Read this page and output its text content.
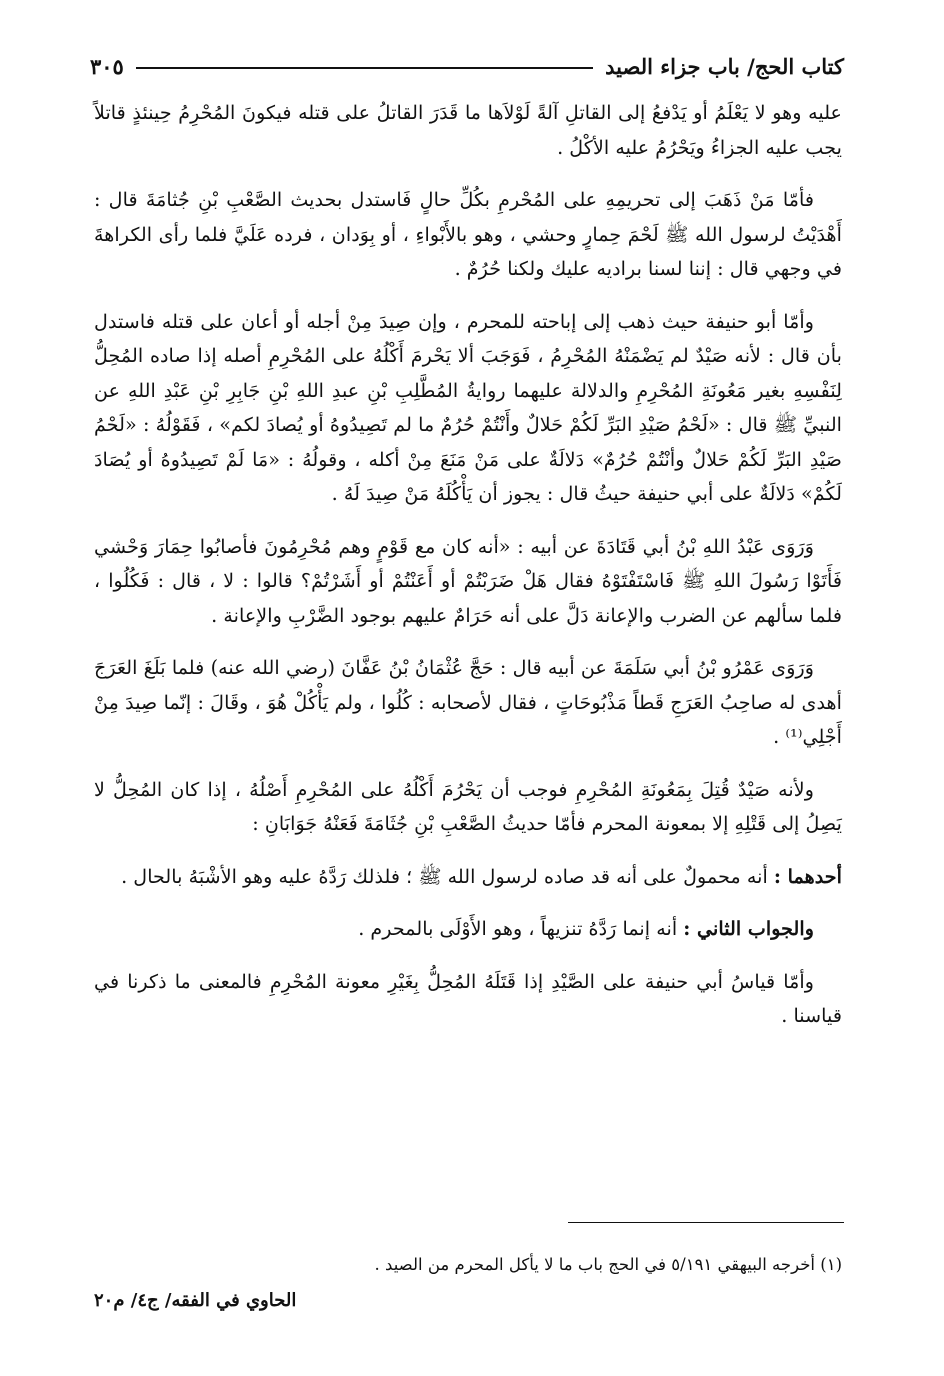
كتاب الحج/ باب جزاء الصيد
٣٠٥

عليه وهو لا يَعْلَمُ أو يَدْفعُ إلى القاتلِ آلةً لَوْلاَها ما قَدَرَ القاتلُ على قتله فيكونَ المُحْرِمُ حِينئذٍ قاتلاً يجب عليه الجزاءُ ويَحْرُمُ عليه الأكْلُ .

فأمّا مَنْ ذَهَبَ إلى تحريمِهِ على المُحْرمِ بكُلِّ حالٍ فَاستدل بحديث الصَّعْبِ بْنِ جُثامَةَ قال : أَهْدَيْتُ لرسول الله ﷺ لَحْمَ حِمارٍ وحشي ، وهو بالأَبْواءِ ، أو بِوَدان ، فرده عَلَيَّ فلما رأى الكراهةَ في وجهي قال : إننا لسنا براديه عليك ولكنا حُرُمٌ .

وأمّا أبو حنيفة حيث ذهب إلى إباحته للمحرم ، وإن صِيدَ مِنْ أجله أو أعان على قتله فاستدل بأن قال : لأنه صَيْدٌ لم يَضْمَنْهُ المُحْرِمُ ، فَوَجَبَ ألا يَحْرمَ أَكْلُهُ على المُحْرِمِ أصله إذا صاده المُحِلُّ لِنَفْسِهِ بغير مَعُونَةِ المُحْرِمِ والدلالة عليهما روايةُ المُطَّلِبِ بْنِ عبدِ اللهِ بْنِ جَابِرِ بْنِ عَبْدِ اللهِ عن النبيِّ ﷺ قال : «لَحْمُ صَيْدِ البَرِّ لَكُمْ حَلالٌ وأَنْتُمْ حُرُمٌ ما لم تَصِيدُوهُ أو يُصادَ لكم» ، فَقَوْلُهُ : «لَحْمُ صَيْدِ البَرِّ لَكُمْ حَلالٌ وأنْتُمْ حُرُمٌ» دَلالَةٌ على مَنْ مَنَعَ مِنْ أكله ، وقولُهُ : «مَا لَمْ تَصِيدُوهُ أو يُصَادَ لَكُمْ» دَلالَةٌ على أبي حنيفة حيثُ قال : يجوز أن يَأْكُلَهُ مَنْ صِيدَ لَهُ .

وَرَوَى عَبْدُ اللهِ بْنُ أبي قَتَادَةَ عن أبيه : «أنه كان مع قَوْمٍ وهم مُحْرِمُونَ فأصابُوا حِمَارَ وَحْشي فَأَتَوْا رَسُولَ اللهِ ﷺ فَاسْتَفْتَوْهُ فقال هَلْ ضَرَبْتُمْ أو أَعَنْتُمْ أو أَشَرْتُمْ؟ قالوا : لا ، قال : فَكُلُوا ، فلما سألهم عن الضرب والإعانة دَلَّ على أنه حَرَامٌ عليهم بوجود الضَّرْبِ والإعانة .

وَرَوَى عَمْرُو بْنُ أبي سَلَمَةَ عن أبيه قال : حَجَّ عُثْمَانُ بْنُ عَفَّانَ (رضي الله عنه) فلما بَلَغَ العَرَجَ أهدى له صاحِبُ العَرَجِ قَطاً مَذْبُوحَاتٍ ، فقال لأصحابه : كُلُوا ، ولم يَأْكُلْ هُوَ ، وقَالَ : إنّما صِيدَ مِنْ أَجْلِي⁽¹⁾ .

ولأنه صَيْدٌ قُتِلَ بِمَعُونَةِ المُحْرِمِ فوجب أن يَحْرُمَ أَكْلُهُ على المُحْرِمِ أَصْلُهُ ، إذا كان المُحِلُّ لا يَصِلُ إلى قَتْلِهِ إلا بمعونة المحرم فأمّا حديثُ الصَّعْبِ بْنِ جُثَامَةَ فَعَنْهُ جَوَابَانِ :

أحدهما : أنه محمولٌ على أنه قد صاده لرسول الله ﷺ ؛ فلذلك رَدَّهُ عليه وهو الأشْبَهُ بالحال .

والجواب الثاني : أنه إنما رَدَّهُ تنزيهاً ، وهو الأَوْلَى بالمحرم .

وأمّا قياسُ أبي حنيفة على الصَّيْدِ إذا قَتَلَهُ المُحِلُّ بِغَيْرِ معونة المُحْرِمِ فالمعنى ما ذكرنا في قياسنا .

(١) أخرجه البيهقي ٥/١٩١ في الحج باب ما لا يأكل المحرم من الصيد .
الحاوي في الفقه/ ج٤/ م٢٠
